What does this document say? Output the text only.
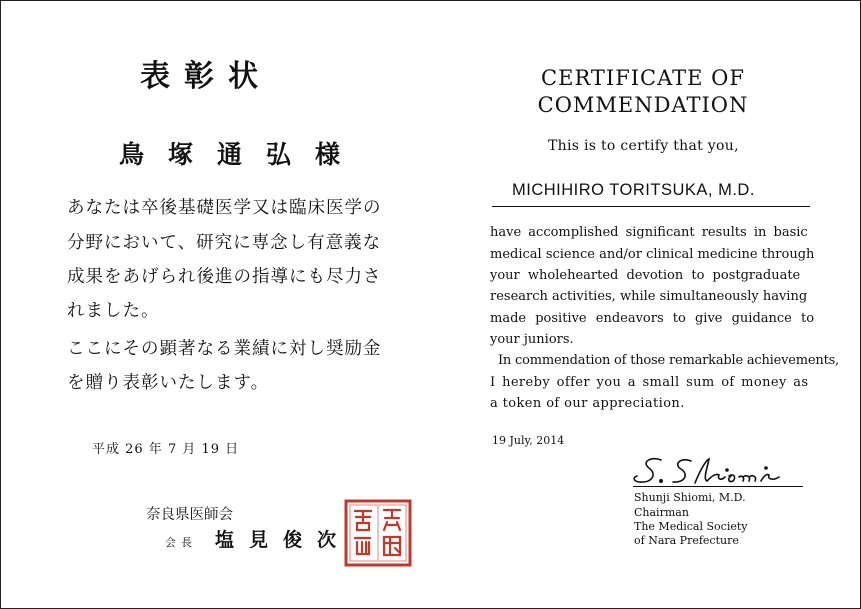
表彰状
鳥塚通弘様
あなたは卒後基礎医学又は臨床医学の
分野において、研究に専念し有意義な
成果をあげられ後進の指導にも尽力さ
れました。
ここにその顕著なる業績に対し奨励金
を贈り表彰いたします。
平成 26 年 7 月 19 日
奈良県医師会
会長 塩見俊次
CERTIFICATE OF COMMENDATION
This is to certify that you,
MICHIHIRO TORITSUKA, M.D.
have accomplished significant results in basic
medical science and/or clinical medicine through
your wholehearted devotion to postgraduate
research activities, while simultaneously having
made positive endeavors to give guidance to
your juniors.
In commendation of those remarkable achievements,
I hereby offer you a small sum of money as
a token of our appreciation.
19 July, 2014
Shunji Shiomi, M.D.
Chairman
The Medical Society
of Nara Prefecture
